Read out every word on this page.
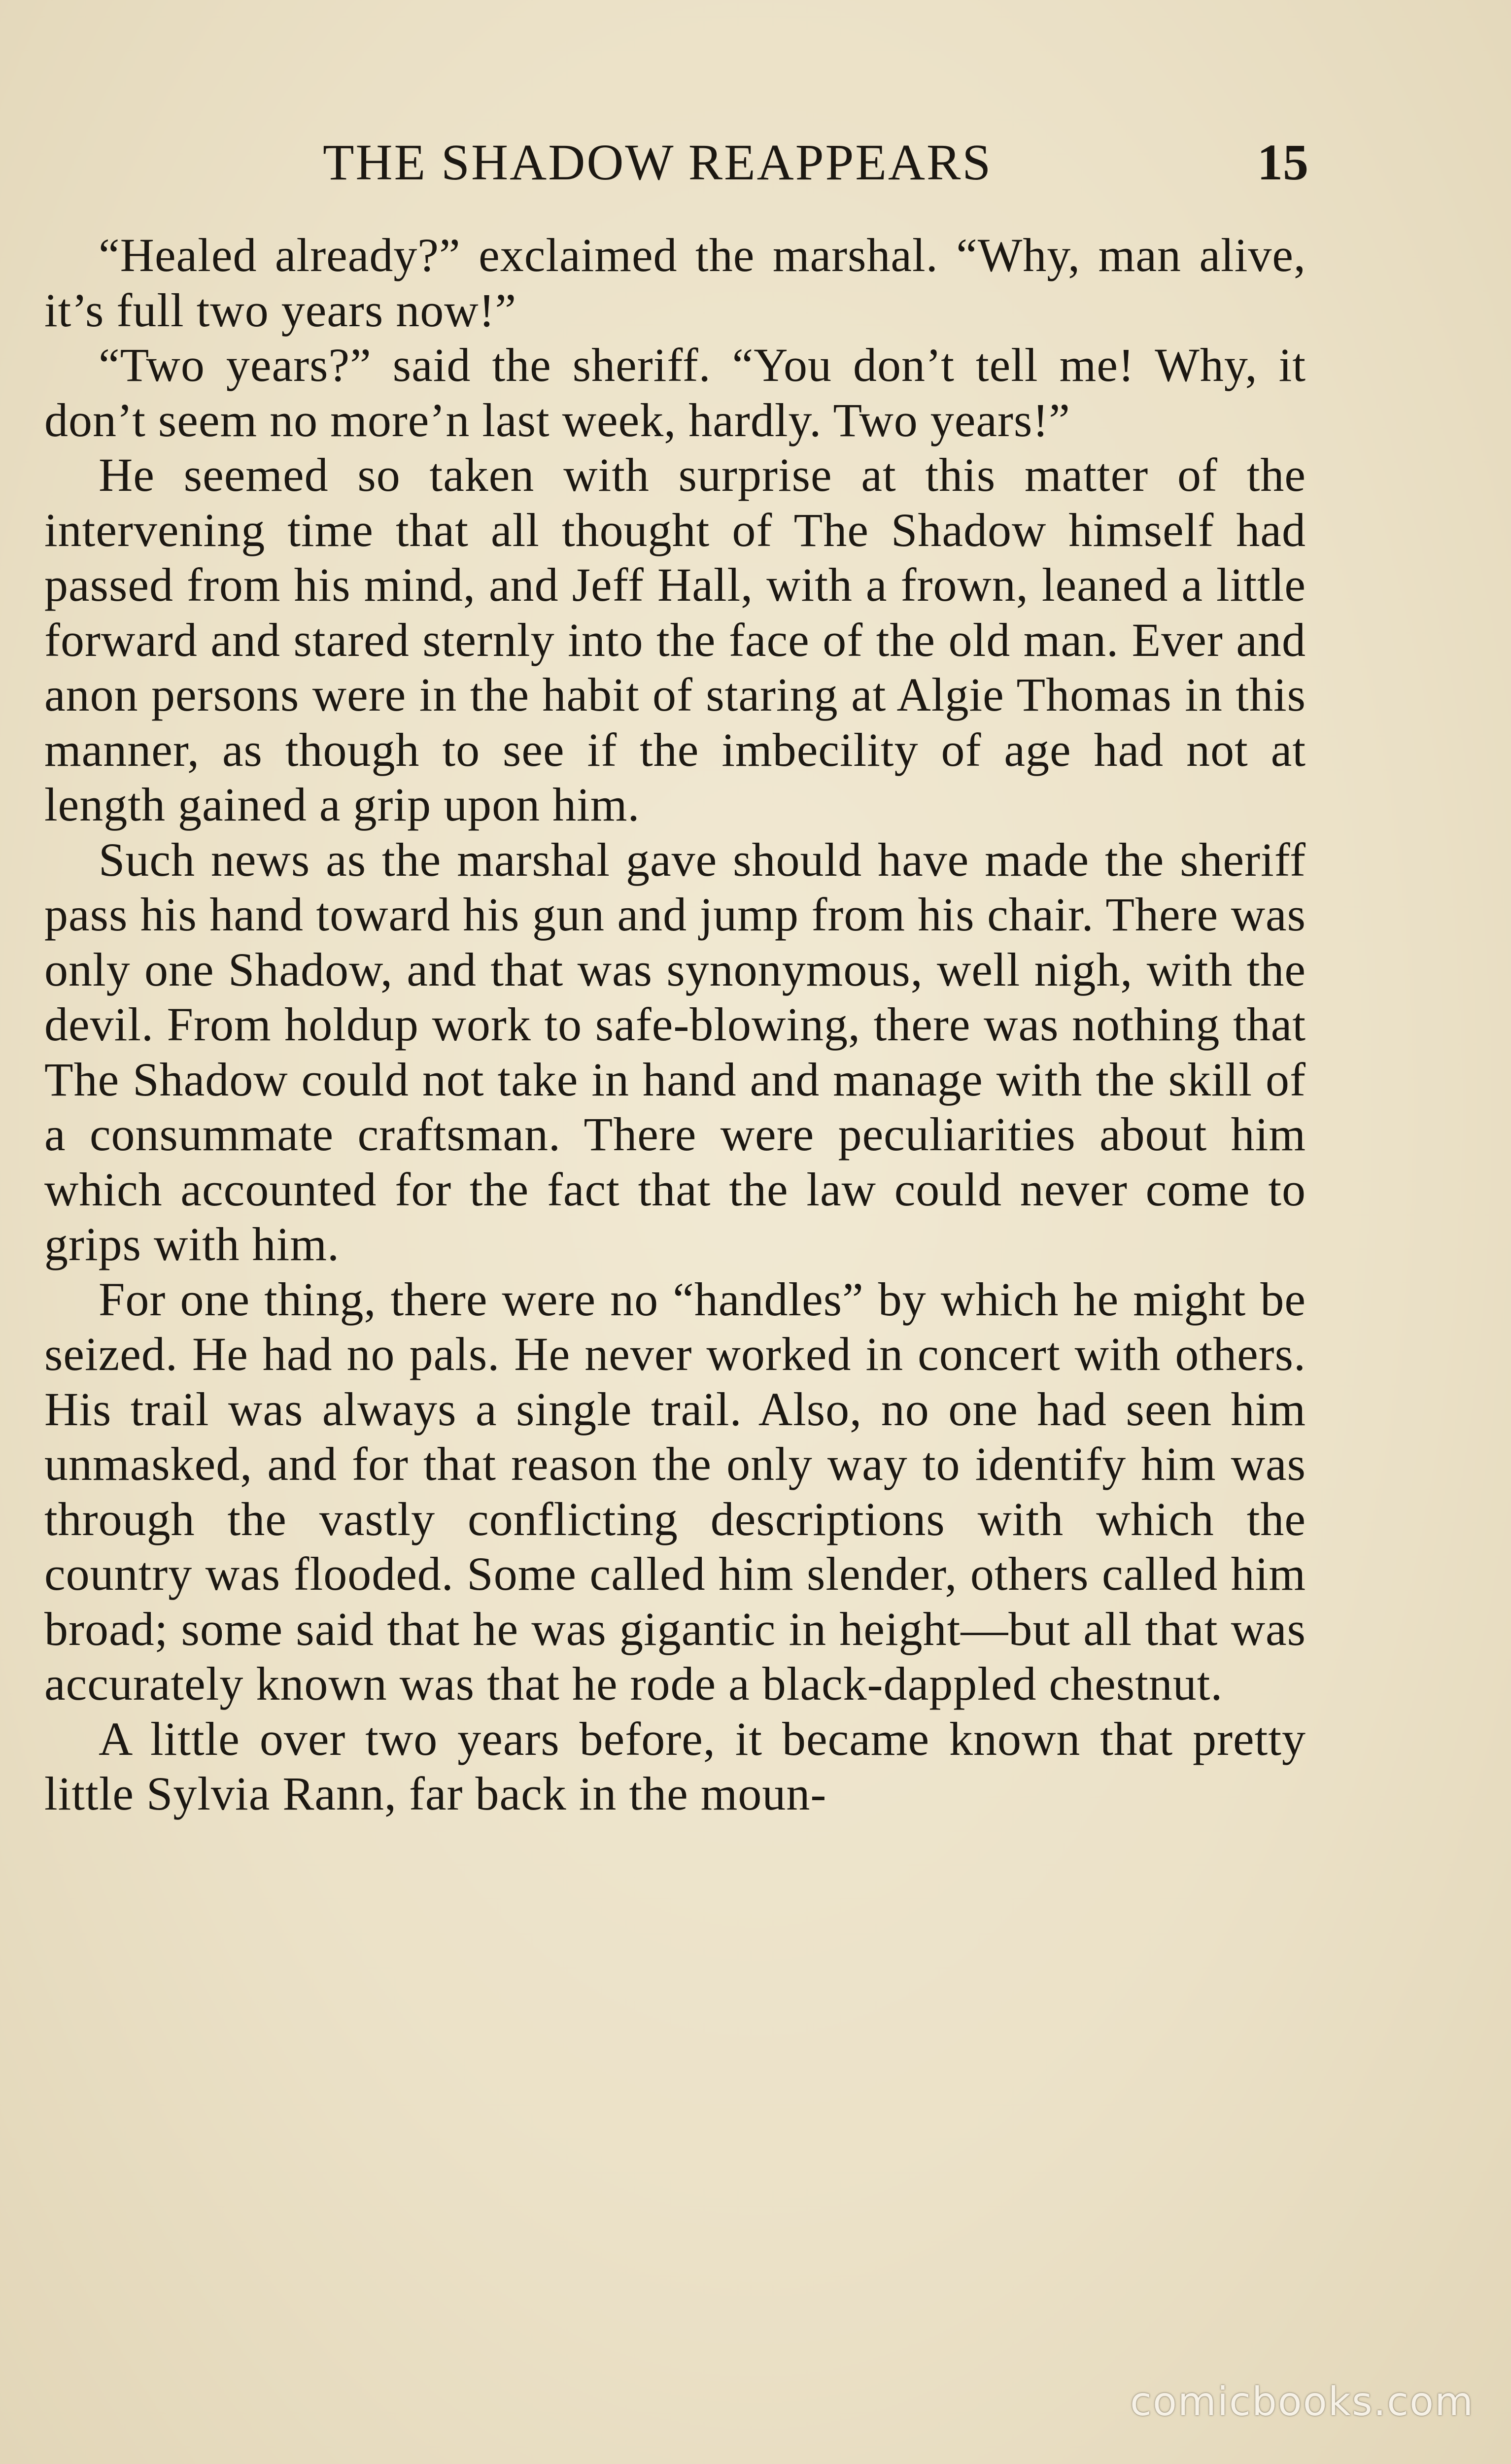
THE SHADOW REAPPEARS	15

“Healed already?” exclaimed the marshal. “Why, man alive, it’s full two years now!”

“Two years?” said the sheriff. “You don’t tell me! Why, it don’t seem no more’n last week, hardly. Two years!”

He seemed so taken with surprise at this matter of the intervening time that all thought of The Shadow himself had passed from his mind, and Jeff Hall, with a frown, leaned a little forward and stared sternly into the face of the old man. Ever and anon persons were in the habit of staring at Algie Thomas in this manner, as though to see if the imbecility of age had not at length gained a grip upon him.

Such news as the marshal gave should have made the sheriff pass his hand toward his gun and jump from his chair. There was only one Shadow, and that was synonymous, well nigh, with the devil. From holdup work to safe-blowing, there was nothing that The Shadow could not take in hand and manage with the skill of a consummate craftsman. There were peculiarities about him which accounted for the fact that the law could never come to grips with him.

For one thing, there were no “handles” by which he might be seized. He had no pals. He never worked in concert with others. His trail was always a single trail. Also, no one had seen him unmasked, and for that reason the only way to identify him was through the vastly conflicting descriptions with which the country was flooded. Some called him slender, others called him broad; some said that he was gigantic in height—but all that was accurately known was that he rode a black-dappled chestnut.

A little over two years before, it became known that pretty little Sylvia Rann, far back in the moun-

comicbooks.com
